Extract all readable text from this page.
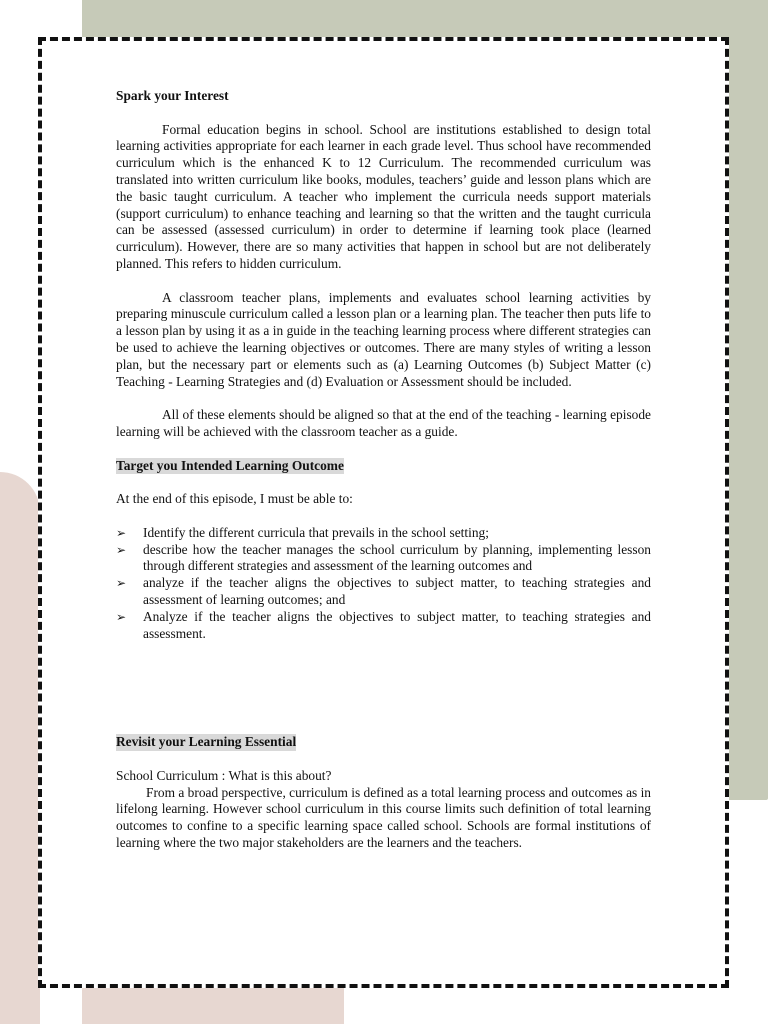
Spark your Interest

Formal education begins in school. School are institutions established to design total learning activities appropriate for each learner in each grade level. Thus school have recommended curriculum which is the enhanced K to 12 Curriculum. The recommended curriculum was translated into written curriculum like books, modules, teachers’ guide and lesson plans which are the basic taught curriculum. A teacher who implement the curricula needs support materials (support curriculum) to enhance teaching and learning so that the written and the taught curricula can be assessed (assessed curriculum) in order to determine if learning took place (learned curriculum). However, there are so many activities that happen in school but are not deliberately planned. This refers to hidden curriculum.

A classroom teacher plans, implements and evaluates school learning activities by preparing minuscule curriculum called a lesson plan or a learning plan. The teacher then puts life to a lesson plan by using it as a in guide in the teaching learning process where different strategies can be used to achieve the learning objectives or outcomes. There are many styles of writing a lesson plan, but the necessary part or elements such as (a) Learning Outcomes (b) Subject Matter (c) Teaching - Learning Strategies and (d) Evaluation or Assessment should be included.

All of these elements should be aligned so that at the end of the teaching - learning episode learning will be achieved with the classroom teacher as a guide.

Target you Intended Learning Outcome

At the end of this episode, I must be able to:

➢ Identify the different curricula that prevails in the school setting;
➢ describe how the teacher manages the school curriculum by planning, implementing lesson through different strategies and assessment of the learning outcomes and
➢ analyze if the teacher aligns the objectives to subject matter, to teaching strategies and assessment of learning outcomes; and
➢ Analyze if the teacher aligns the objectives to subject matter, to teaching strategies and assessment.

Revisit your Learning Essential

School Curriculum : What is this about?

From a broad perspective, curriculum is defined as a total learning process and outcomes as in lifelong learning. However school curriculum in this course limits such definition of total learning outcomes to confine to a specific learning space called school. Schools are formal institutions of learning where the two major stakeholders are the learners and the teachers.
